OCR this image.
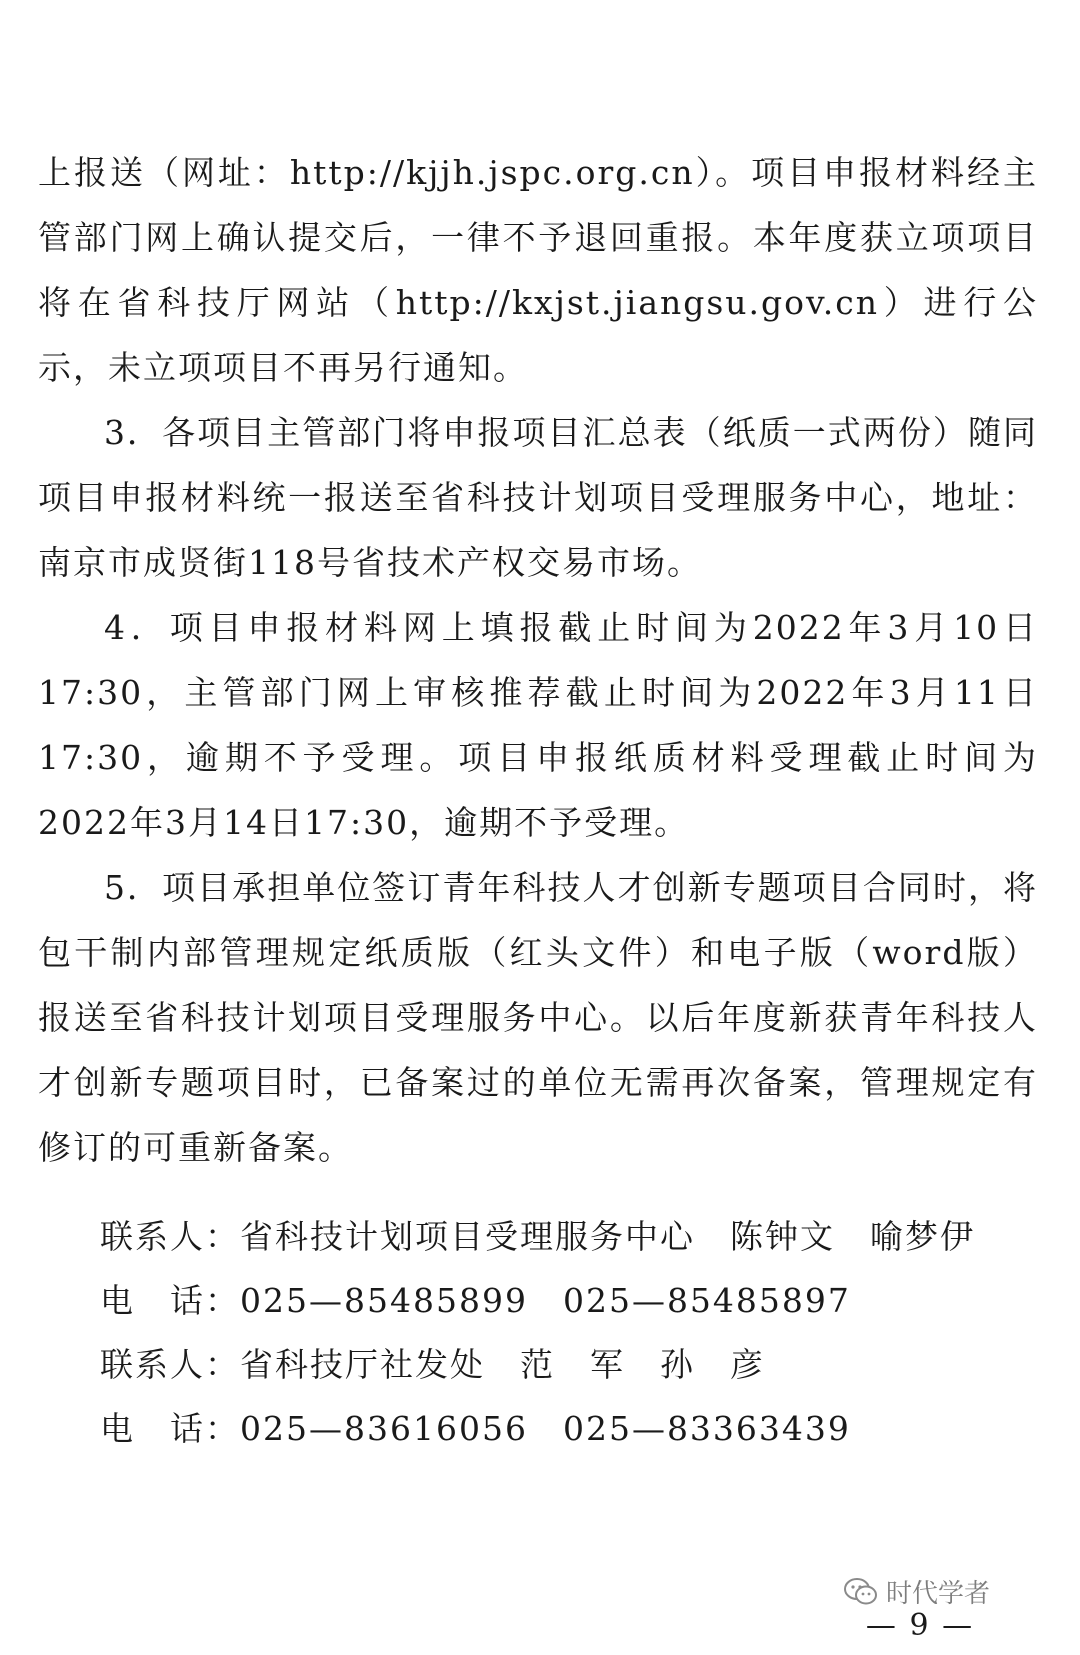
上报送（网址：http://kjjh.jspc.org.cn）。项目申报材料经主管部门网上确认提交后，一律不予退回重报。本年度获立项项目将在省科技厅网站（http://kxjst.jiangsu.gov.cn）进行公示，未立项项目不再另行通知。

3．各项目主管部门将申报项目汇总表（纸质一式两份）随同项目申报材料统一报送至省科技计划项目受理服务中心，地址：南京市成贤街118号省技术产权交易市场。

4．项目申报材料网上填报截止时间为2022年3月10日17:30，主管部门网上审核推荐截止时间为2022年3月11日17:30，逾期不予受理。项目申报纸质材料受理截止时间为2022年3月14日17:30，逾期不予受理。

5．项目承担单位签订青年科技人才创新专题项目合同时，将包干制内部管理规定纸质版（红头文件）和电子版（word版）报送至省科技计划项目受理服务中心。以后年度新获青年科技人才创新专题项目时，已备案过的单位无需再次备案，管理规定有修订的可重新备案。

联系人：省科技计划项目受理服务中心　陈钟文　喻梦伊
电　话：025—85485899　025—85485897
联系人：省科技厅社发处　范　军　孙　彦
电　话：025—83616056　025—83363439
时代学者
— 9 —
